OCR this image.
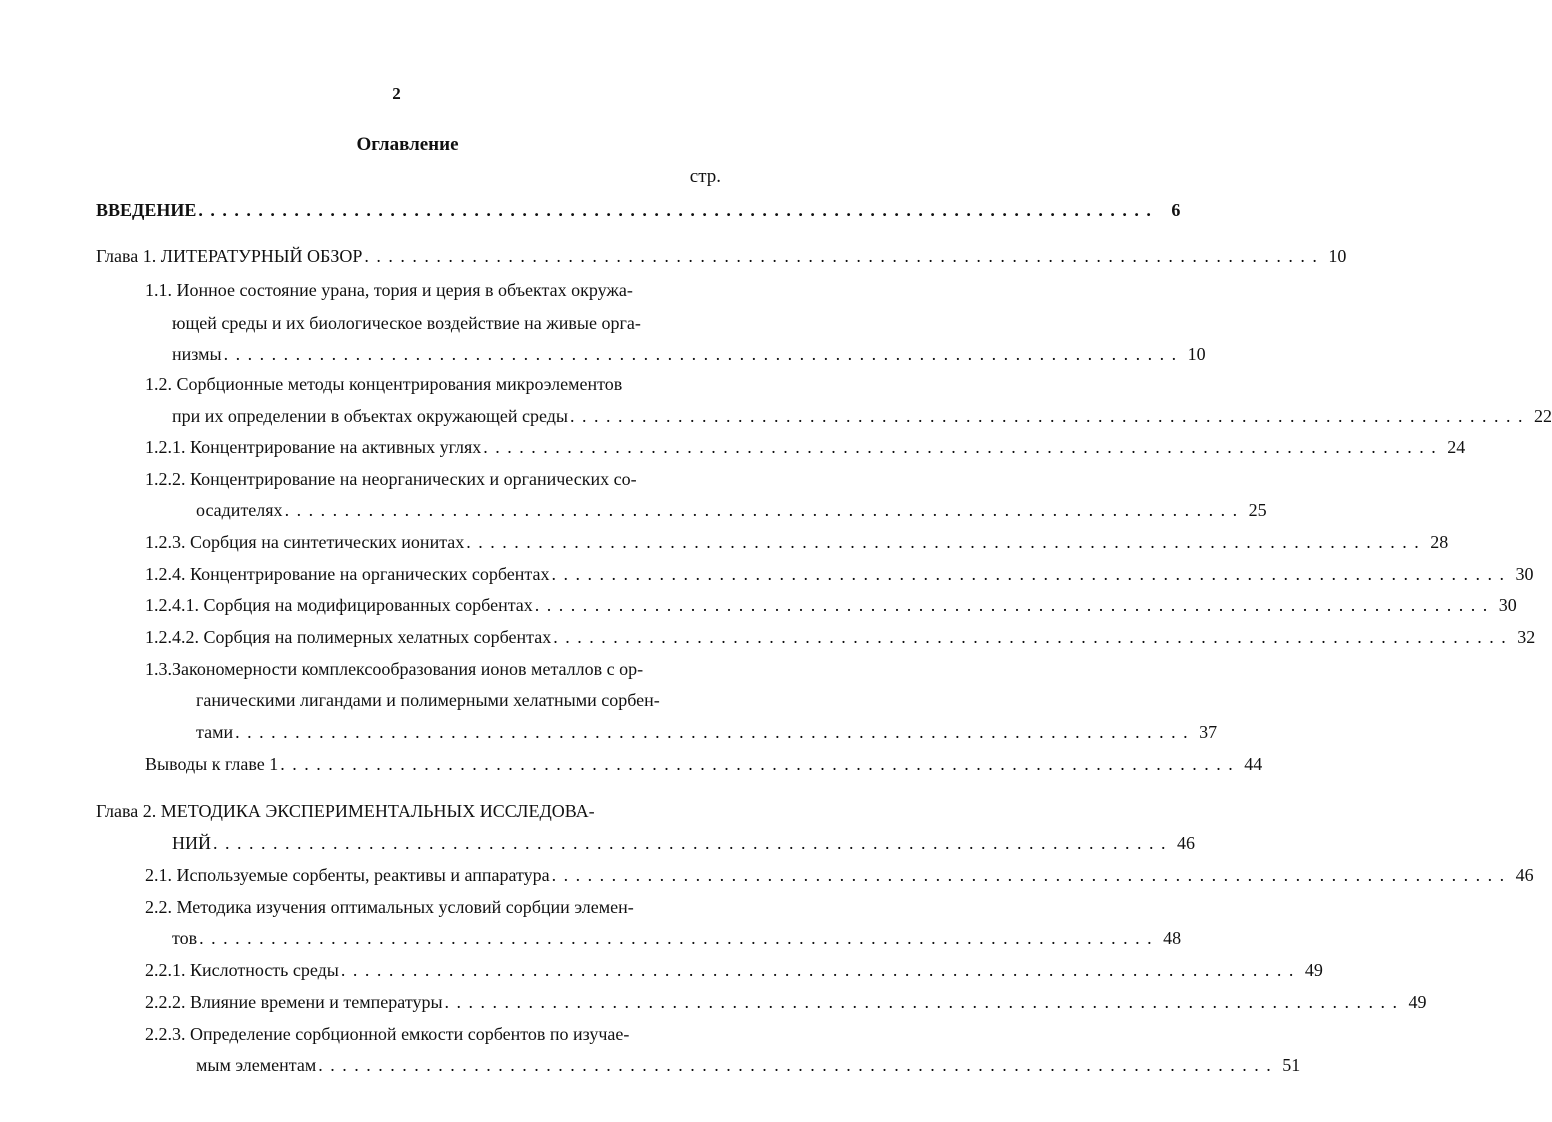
2
Оглавление
стр.
ВВЕДЕНИЕ . . . . . . . . . . . . . . . . . . . . . . . . . . . . . . . . . . . . . . . . . . . . . . . . . . . . . . . . . . . . . . . . . . . . . . . . . . . . . . . .	6
Глава 1. ЛИТЕРАТУРНЫЙ ОБЗОР . . . . . . . . . . . . . . . . . . . . . . . . . . . . . . . . . . . . . . . . . . . . . . . . . . . . . . . . . . . . . . . . . . . . . . . . . . . . . . . . 10
1.1. Ионное состояние урана, тория и церия в объектах окружа-
ющей среды и их биологическое воздействие на живые орга-
низмы . . . . . . . . . . . . . . . . . . . . . . . . . . . . . . . . . . . . . . . . . . . . . . . . . . . . . . . . . . . . . . . . . . . . . . . . . . . . . . . . 10
1.2. Сорбционные методы концентрирования микроэлементов
при их определении в объектах окружающей среды . . . . . . . . . . . . . . . . . . . . . . . . . . . . . . . . . . . . . . . . . . . . . . . . . . . . . . . . . . . . . . . . . . . . . . . . . . . . . . . . 22
1.2.1. Концентрирование на активных углях . . . . . . . . . . . . . . . . . . . . . . . . . . . . . . . . . . . . . . . . . . . . . . . . . . . . . . . . . . . . . . . . . . . . . . . . . . . . . . . . 24
1.2.2. Концентрирование на неорганических и органических со-
осадителях . . . . . . . . . . . . . . . . . . . . . . . . . . . . . . . . . . . . . . . . . . . . . . . . . . . . . . . . . . . . . . . . . . . . . . . . . . . . . . . . 25
1.2.3. Сорбция на синтетических ионитах . . . . . . . . . . . . . . . . . . . . . . . . . . . . . . . . . . . . . . . . . . . . . . . . . . . . . . . . . . . . . . . . . . . . . . . . . . . . . . . . 28
1.2.4. Концентрирование на органических сорбентах . . . . . . . . . . . . . . . . . . . . . . . . . . . . . . . . . . . . . . . . . . . . . . . . . . . . . . . . . . . . . . . . . . . . . . . . . . . . . . . . 30
1.2.4.1. Сорбция на модифицированных сорбентах . . . . . . . . . . . . . . . . . . . . . . . . . . . . . . . . . . . . . . . . . . . . . . . . . . . . . . . . . . . . . . . . . . . . . . . . . . . . . . . . 30
1.2.4.2. Сорбция на полимерных хелатных сорбентах . . . . . . . . . . . . . . . . . . . . . . . . . . . . . . . . . . . . . . . . . . . . . . . . . . . . . . . . . . . . . . . . . . . . . . . . . . . . . . . . 32
1.3.Закономерности комплексообразования ионов металлов с ор-
ганическими лигандами и полимерными хелатными сорбен-
тами . . . . . . . . . . . . . . . . . . . . . . . . . . . . . . . . . . . . . . . . . . . . . . . . . . . . . . . . . . . . . . . . . . . . . . . . . . . . . . . . 37
Выводы к главе 1 . . . . . . . . . . . . . . . . . . . . . . . . . . . . . . . . . . . . . . . . . . . . . . . . . . . . . . . . . . . . . . . . . . . . . . . . . . . . . . . . 44
Глава 2. МЕТОДИКА ЭКСПЕРИМЕНТАЛЬНЫХ ИССЛЕДОВА-
НИЙ . . . . . . . . . . . . . . . . . . . . . . . . . . . . . . . . . . . . . . . . . . . . . . . . . . . . . . . . . . . . . . . . . . . . . . . . . . . . . . . . 46
2.1. Используемые сорбенты, реактивы и аппаратура . . . . . . . . . . . . . . . . . . . . . . . . . . . . . . . . . . . . . . . . . . . . . . . . . . . . . . . . . . . . . . . . . . . . . . . . . . . . . . . . 46
2.2. Методика изучения оптимальных условий сорбции элемен-
тов . . . . . . . . . . . . . . . . . . . . . . . . . . . . . . . . . . . . . . . . . . . . . . . . . . . . . . . . . . . . . . . . . . . . . . . . . . . . . . . . 48
2.2.1. Кислотность среды . . . . . . . . . . . . . . . . . . . . . . . . . . . . . . . . . . . . . . . . . . . . . . . . . . . . . . . . . . . . . . . . . . . . . . . . . . . . . . . . 49
2.2.2. Влияние времени и температуры . . . . . . . . . . . . . . . . . . . . . . . . . . . . . . . . . . . . . . . . . . . . . . . . . . . . . . . . . . . . . . . . . . . . . . . . . . . . . . . . 49
2.2.3. Определение сорбционной емкости сорбентов по изучае-
мым элементам . . . . . . . . . . . . . . . . . . . . . . . . . . . . . . . . . . . . . . . . . . . . . . . . . . . . . . . . . . . . . . . . . . . . . . . . . . . . . . . . 51
